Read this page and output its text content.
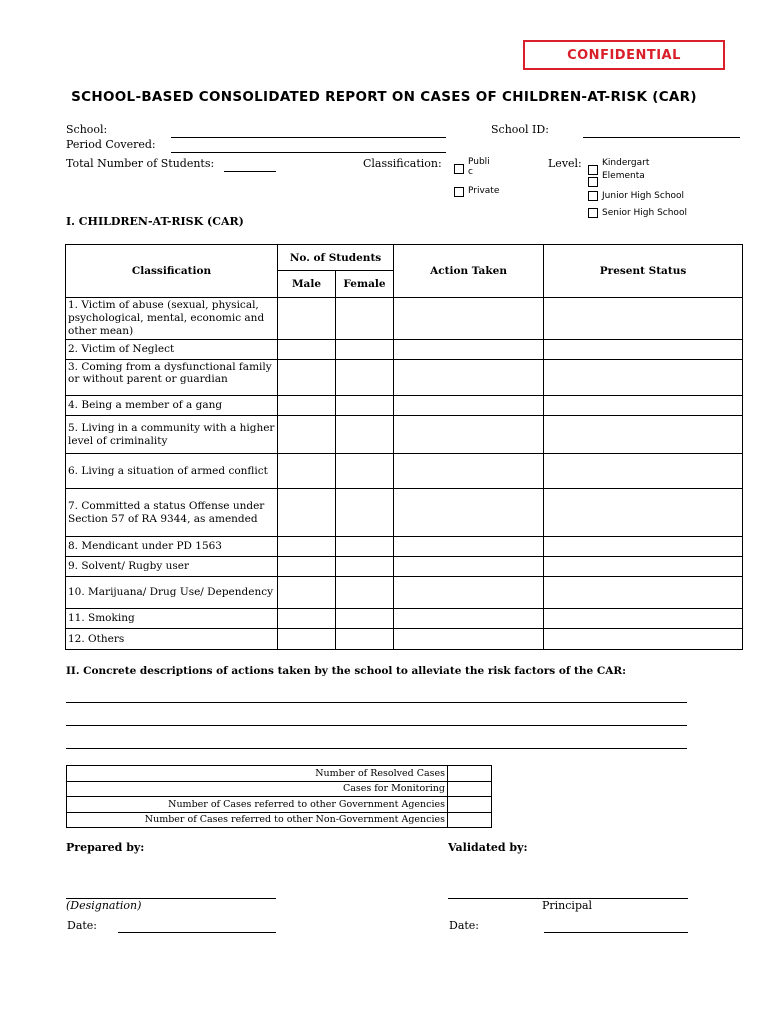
CONFIDENTIAL
SCHOOL-BASED CONSOLIDATED REPORT ON CASES OF CHILDREN-AT-RISK (CAR)
School:
Period Covered:
Total Number of Students:	Classification:	Publi
c
Private
School ID:
Level: Kindergart
Elementa
Junior High School
Senior High School
I. CHILDREN-AT-RISK (CAR)
Classification	No. of Students		Action Taken	Present Status
	Male	Female		
1. Victim of abuse (sexual, physical, psychological, mental, economic and other mean)				
2. Victim of Neglect				

3. Coming from a dysfunctional family or without parent or guardian				

4. Being a member of a gang				
5. Living in a community with a higher level of criminality				
6. Living a situation of armed conflict				
7. Committed a status Offense under Section 57 of RA 9344, as amended				
8. Mendicant under PD 1563				
9. Solvent/ Rugby user				
10. Marijuana/ Drug Use/ Dependency				
11. Smoking				
12. Others				
II. Concrete descriptions of actions taken by the school to alleviate the risk factors of the CAR:
Number of Resolved Cases	
Cases for Monitoring	
Number of Cases referred to other Government Agencies	
Number of Cases referred to other Non-Government Agencies	
Prepared by:	Validated by:
(Designation)	Principal
Date:	Date:
